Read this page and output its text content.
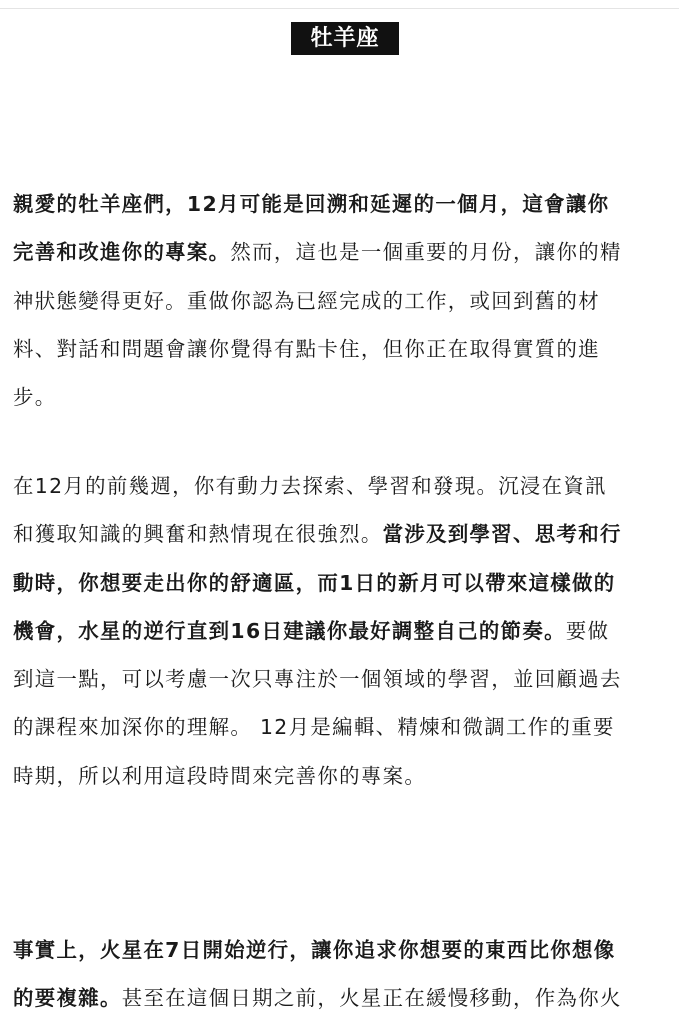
牡羊座
親愛的牡羊座們，12月可能是回溯和延遲的一個月，這會讓你
完善和改進你的專案。然而，這也是一個重要的月份，讓你的精
神狀態變得更好。重做你認為已經完成的工作，或回到舊的材
料、對話和問題會讓你覺得有點卡住，但你正在取得實質的進
步。
在12月的前幾週，你有動力去探索、學習和發現。沉浸在資訊
和獲取知識的興奮和熱情現在很強烈。當涉及到學習、思考和行
動時，你想要走出你的舒適區，而1日的新月可以帶來這樣做的
機會，水星的逆行直到16日建議你最好調整自己的節奏。要做
到這一點，可以考慮一次只專注於一個領域的學習，並回顧過去
的課程來加深你的理解。 12月是編輯、精煉和微調工作的重要
時期，所以利用這段時間來完善你的專案。
事實上，火星在7日開始逆行，讓你追求你想要的東西比你想像
的要複雜。甚至在這個日期之前，火星正在緩慢移動，作為你火
